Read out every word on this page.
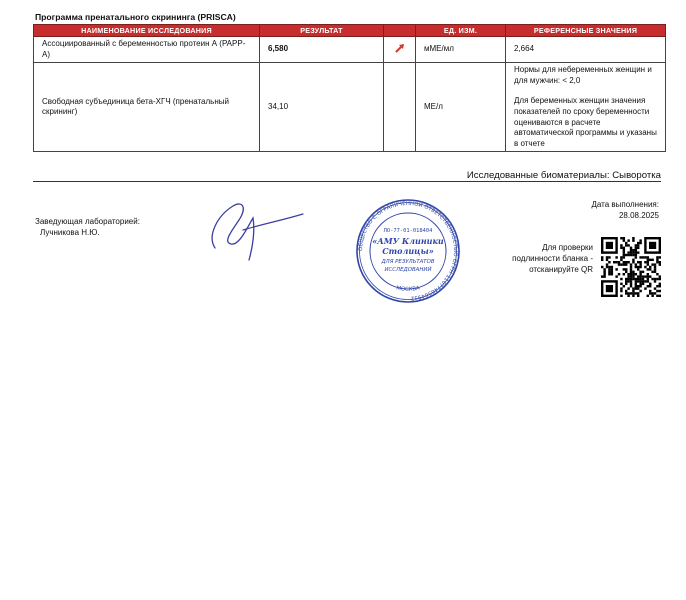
Программа пренатального скрининга (PRISCA)
НАИМЕНОВАНИЕ ИССЛЕДОВАНИЯ	РЕЗУЛЬТАТ		ЕД. ИЗМ.	РЕФЕРЕНСНЫЕ ЗНАЧЕНИЯ
Ассоциированный с беременностью протеин А (PAPP-A)	6,580		мМЕ/мл	2,664
Свободная субъединица бета-ХГЧ (пренатальный скрининг)	34,10		МЕ/л	Нормы для небеременных женщин и для мужчин: < 2,0
Для беременных женщин значения показателей по сроку беременности оцениваются в расчете автоматической программы и указаны в отчете
Исследованные биоматериалы: Сыворотка
Заведующая лабораторией:
Лучникова Н.Ю.
ОБЩЕСТВО С ОГРАНИЧЕННОЙ ОТВЕТСТВЕННОСТЬЮ ОГРН 1167746564932
МОСКВА
ЛО-77-01-018404
«АМУ Клиники
Столицы»
ДЛЯ РЕЗУЛЬТАТОВ
ИССЛЕДОВАНИЙ
Дата выполнения:
28.08.2025
Для проверки подлинности бланка - отсканируйте QR
